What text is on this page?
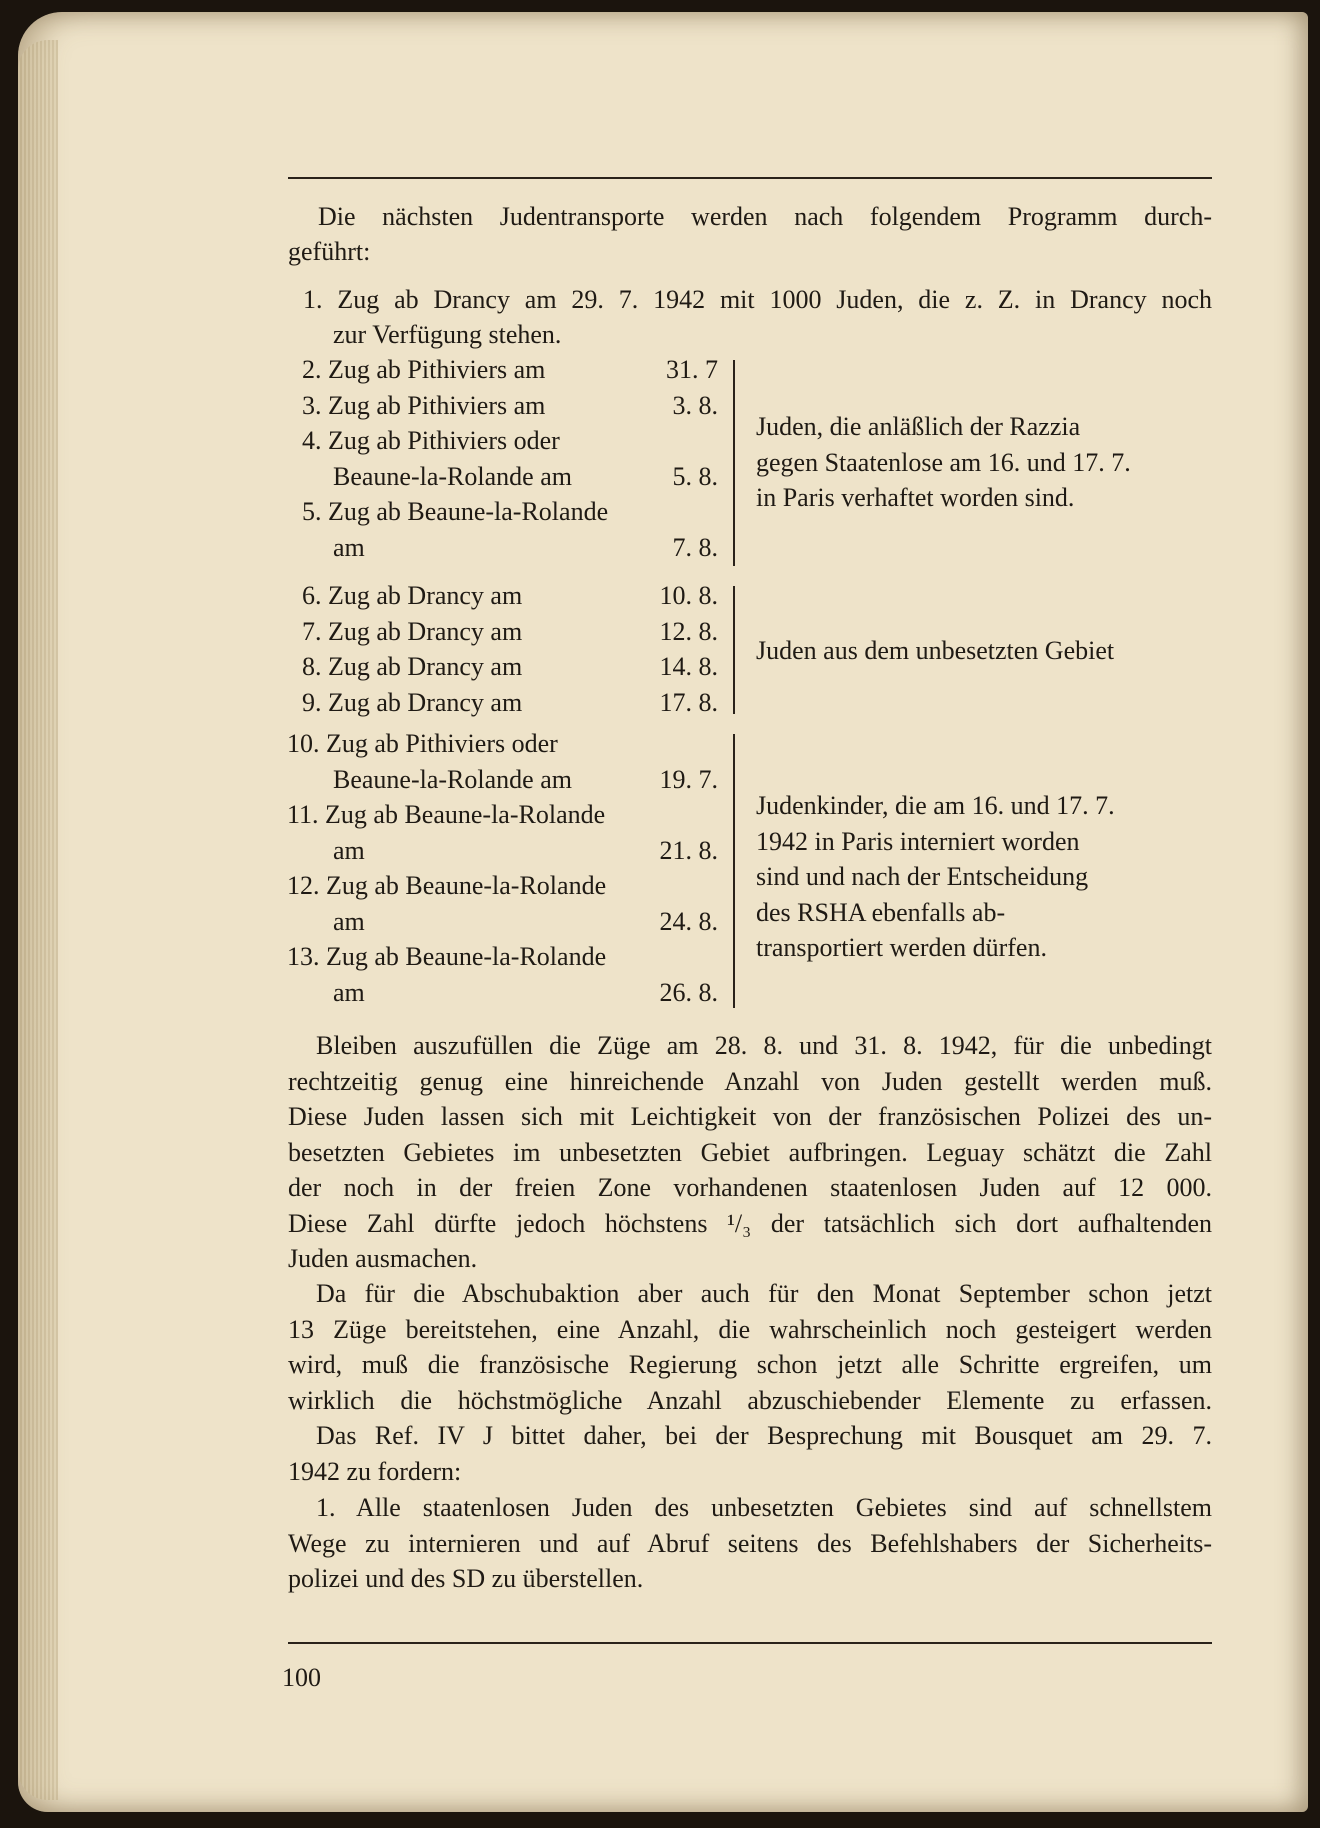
Die nächsten Judentransporte werden nach folgendem Programm durch-
geführt:
1. Zug ab Drancy am 29. 7. 1942 mit 1000 Juden, die z. Z. in Drancy noch
zur Verfügung stehen.
2. Zug ab Pithiviers am	31. 7
3. Zug ab Pithiviers am	3. 8.
4. Zug ab Pithiviers oder
Beaune-la-Rolande am	5. 8.
5. Zug ab Beaune-la-Rolande
am	7. 8.
Juden, die anläßlich der Razzia
gegen Staatenlose am 16. und 17. 7.
in Paris verhaftet worden sind.
6. Zug ab Drancy am	10. 8.
7. Zug ab Drancy am	12. 8.
8. Zug ab Drancy am	14. 8.
9. Zug ab Drancy am	17. 8.
Juden aus dem unbesetzten Gebiet
10. Zug ab Pithiviers oder
Beaune-la-Rolande am	19. 7.
11. Zug ab Beaune-la-Rolande
am	21. 8.
12. Zug ab Beaune-la-Rolande
am	24. 8.
13. Zug ab Beaune-la-Rolande
am	26. 8.
Judenkinder, die am 16. und 17. 7.
1942 in Paris interniert worden
sind und nach der Entscheidung
des RSHA ebenfalls ab-
transportiert werden dürfen.
Bleiben auszufüllen die Züge am 28. 8. und 31. 8. 1942, für die unbedingt
rechtzeitig genug eine hinreichende Anzahl von Juden gestellt werden muß.
Diese Juden lassen sich mit Leichtigkeit von der französischen Polizei des un-
besetzten Gebietes im unbesetzten Gebiet aufbringen. Leguay schätzt die Zahl
der noch in der freien Zone vorhandenen staatenlosen Juden auf 12 000.
Diese Zahl dürfte jedoch höchstens ¹/₃ der tatsächlich sich dort aufhaltenden
Juden ausmachen.
Da für die Abschubaktion aber auch für den Monat September schon jetzt
13 Züge bereitstehen, eine Anzahl, die wahrscheinlich noch gesteigert werden
wird, muß die französische Regierung schon jetzt alle Schritte ergreifen, um
wirklich die höchstmögliche Anzahl abzuschiebender Elemente zu erfassen.
Das Ref. IV J bittet daher, bei der Besprechung mit Bousquet am 29. 7.
1942 zu fordern:
1. Alle staatenlosen Juden des unbesetzten Gebietes sind auf schnellstem
Wege zu internieren und auf Abruf seitens des Befehlshabers der Sicherheits-
polizei und des SD zu überstellen.
100
